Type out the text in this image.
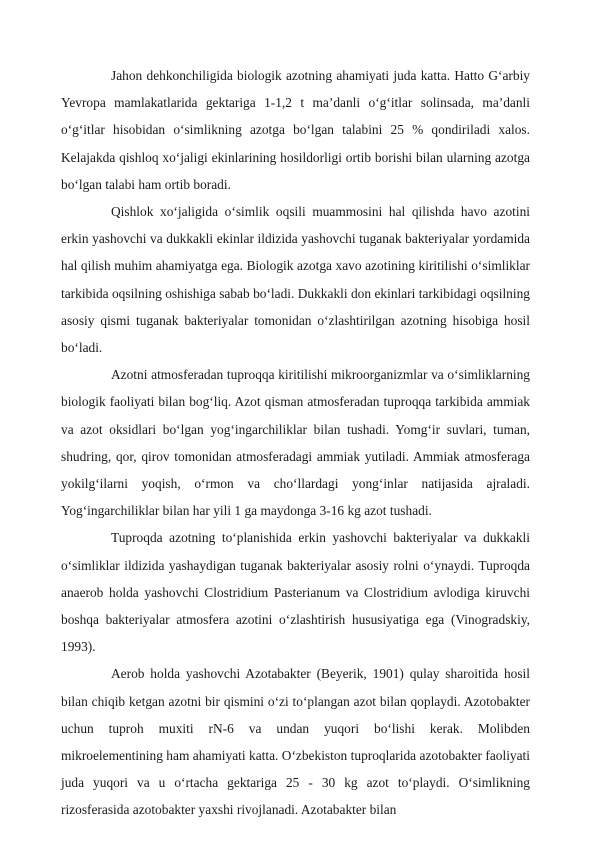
Jahon dehkonchiligida biologik azotning ahamiyati juda katta. Hatto G‘arbiy Yevropa mamlakatlarida gektariga 1-1,2 t ma’danli o‘g‘itlar solinsada, ma’danli o‘g‘itlar hisobidan o‘simlikning azotga bo‘lgan talabini 25 % qondiriladi xalos. Kelajakda qishloq xo‘jaligi ekinlarining hosildorligi ortib borishi bilan ularning azotga bo‘lgan talabi ham ortib boradi.

Qishlok xo‘jaligida o‘simlik oqsili muammosini hal qilishda havo azotini erkin yashovchi va dukkakli ekinlar ildizida yashovchi tuganak bakteriyalar yordamida hal qilish muhim ahamiyatga ega. Biologik azotga xavo azotining kiritilishi o‘simliklar tarkibida oqsilning oshishiga sabab bo‘ladi. Dukkakli don ekinlari tarkibidagi oqsilning asosiy qismi tuganak bakteriyalar tomonidan o‘zlashtirilgan azotning hisobiga hosil bo‘ladi.

Azotni atmosferadan tuproqqa kiritilishi mikroorganizmlar va o‘simliklarning biologik faoliyati bilan bog‘liq. Azot qisman atmosferadan tuproqqa tarkibida ammiak va azot oksidlari bo‘lgan yog‘ingarchiliklar bilan tushadi. Yomg‘ir suvlari, tuman, shudring, qor, qirov tomonidan atmosferadagi ammiak yutiladi. Ammiak atmosferaga yokilg‘ilarni yoqish, o‘rmon va cho‘llardagi yong‘inlar natijasida ajraladi. Yog‘ingarchiliklar bilan har yili 1 ga maydonga 3-16 kg azot tushadi.

Tuproqda azotning to‘planishida erkin yashovchi bakteriyalar va dukkakli o‘simliklar ildizida yashaydigan tuganak bakteriyalar asosiy rolni o‘ynaydi. Tuproqda anaerob holda yashovchi Clostridium Pasterianum va Clostridium avlodiga kiruvchi boshqa bakteriyalar atmosfera azotini o‘zlashtirish hususiyatiga ega (Vinogradskiy, 1993).

Aerob holda yashovchi Azotabakter (Beyerik, 1901) qulay sharoitida hosil bilan chiqib ketgan azotni bir qismini o‘zi to‘plangan azot bilan qoplaydi. Azotobakter uchun tuproh muxiti rN-6 va undan yuqori bo‘lishi kerak. Molibden mikroelementining ham ahamiyati katta. O‘zbekiston tuproqlarida azotobakter faoliyati juda yuqori va u o‘rtacha gektariga 25 - 30 kg azot to‘playdi. O‘simlikning rizosferasida azotobakter yaxshi rivojlanadi. Azotabakter bilan
